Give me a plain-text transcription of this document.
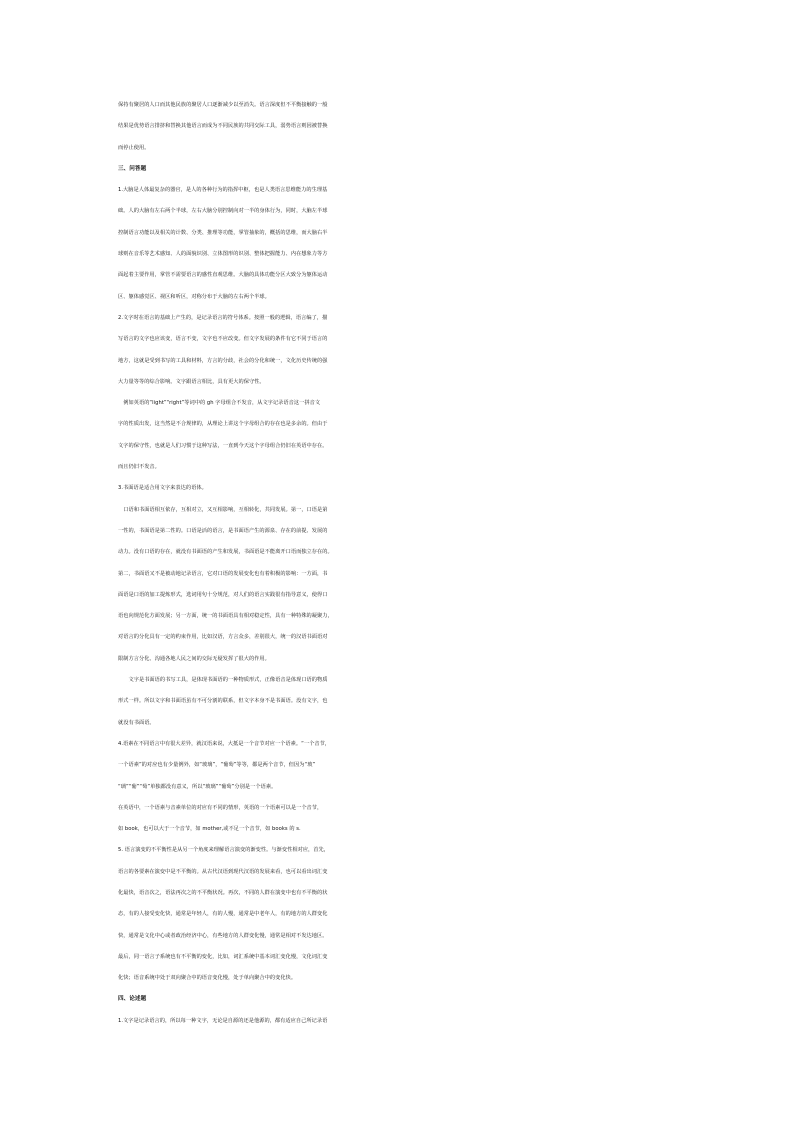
保持有聚居的人口而其他民族的聚居人口逐渐减少以至消失。语言深度但不平衡接触的一般
结果是优势语言排挤和替换其他语言而成为不同民族的共同交际工具，弱势语言则因被替换
而停止使用。
三、问答题
1.大脑是人体最复杂的器官，是人的各种行为的指挥中枢，也是人类语言思维能力的生理基
础。人的大脑有左右两个半球，左右大脑分别控制向对一半的身体行为，同时，大脑左半球
控制语言功能以及相关的计数、分类、推理等功能，掌管抽象的，概括的思维，而大脑右半
球则在音乐等艺术感知、人的面貌识别、立体图形的识别、整体把握能力、内在想象力等方
面起着主要作用，掌管不需要语言的感性直观思维。大脑的具体功能分区大致分为躯体运动
区、躯体感觉区、视区和听区，对称分布于大脑的左右两个半球。
2.文字时在语言的基础上产生的，是记录语言的符号体系。按照一般的逻辑，语言编了，描
写语言的文字也应该变，语言不变，文字也不应改变。但文字发展的条件有它不同于语言的
地方，这就是受到书写的工具和材料，方言的分歧，社会的分化和统一，文化历史传统的强
大力量等等的综合影响。文字跟语言相比，具有更大的保守性。
　例如英语的“light”“right”等词中的 gh 字母组合不发音，从文字记录语音这一拼音文
字的性质出发，这当然是不合规律的，从理论上讲这个字母组合的存在也是多余的。但由于
文字的保守性，也就是人们习惯于这种写法，一直到今天这个字母组合仍旧在英语中存在。
而且仍旧不发音。
3.书面语是适合用文字来表达的语体。
　口语和书面语相互依存，互相对立，又互相影响，互相转化，共同发展。第一，口语是第
一性的，书面语是第二性的。口语是活的语言，是书面语产生的源泉、存在的前提、发展的
动力。没有口语的存在，就没有书面语的产生和发展，书面语是不能离开口语而独立存在的。
第二，书面语又不是被动地记录语言，它对口语的发展变化也有着积极的影响：一方面，书
面语是口语的加工提炼形式，选词用句十分规范，对人们的语言实践很有指导意义，使得口
语也向规范化方面发展；另一方面，统一的书面语具有相对稳定性，具有一种特殊的凝聚力，
对语言的分化具有一定的约束作用，比如汉语，方言众多，差别很大，统一的汉语书面语对
限制方言分化、沟通各地人民之间的交际无疑发挥了很大的作用。
　　文字是书面语的书写工具，是体现书面语的一种物质形式，正像语音是体现口语的物质
形式一样。所以文字和书面语虽有不可分割的联系，但文字本身不是书面语。没有文字，也
就没有书面语。
4.语素在不同语言中有很大差异，就汉语来说，大抵是一个音节对应一个语素。“一个音节，
一个语素”的对应也有少量例外，如“玻璃”，“葡萄”等等，都是两个音节，但因为“玻”
“璃”“葡”“萄”单独都没有意义，所以“玻璃”“葡萄”分别是一个语素。
在英语中，一个语素与音素单位的对应有不同的情形，英语的一个语素可以是一个音节，
如 book，也可以大于一个音节，如 mother,或不足一个音节，如 books 的 s.
5. 语言演变的不平衡性是从另一个角度来理解语言演变的渐变性。与渐变性相对应，首先，
语言的各要素在演变中是不平衡的。从古代汉语到现代汉语的发展来看，也可以看出词汇变
化最快，语音次之，语法再次之的不平衡状况。再次，不同的人群在演变中也有不平衡的状
态，有的人接受变化快，通常是年轻人，有的人慢，通常是中老年人，有的地方的人群变化
快，通常是文化中心或者政治经济中心，有些地方的人群变化慢，通常是相对不发达地区。
最后，同一语言子系统也有不平衡的变化，比如，词汇系统中基本词汇变化慢，文化词汇变
化快；语音系统中处于双向聚合中的语音变化慢，处于单向聚合中的变化快。
四、论述题
1.文字是记录语言的，所以每一种文字，无论是自源的还是他源的，都有适应自己所记录语
